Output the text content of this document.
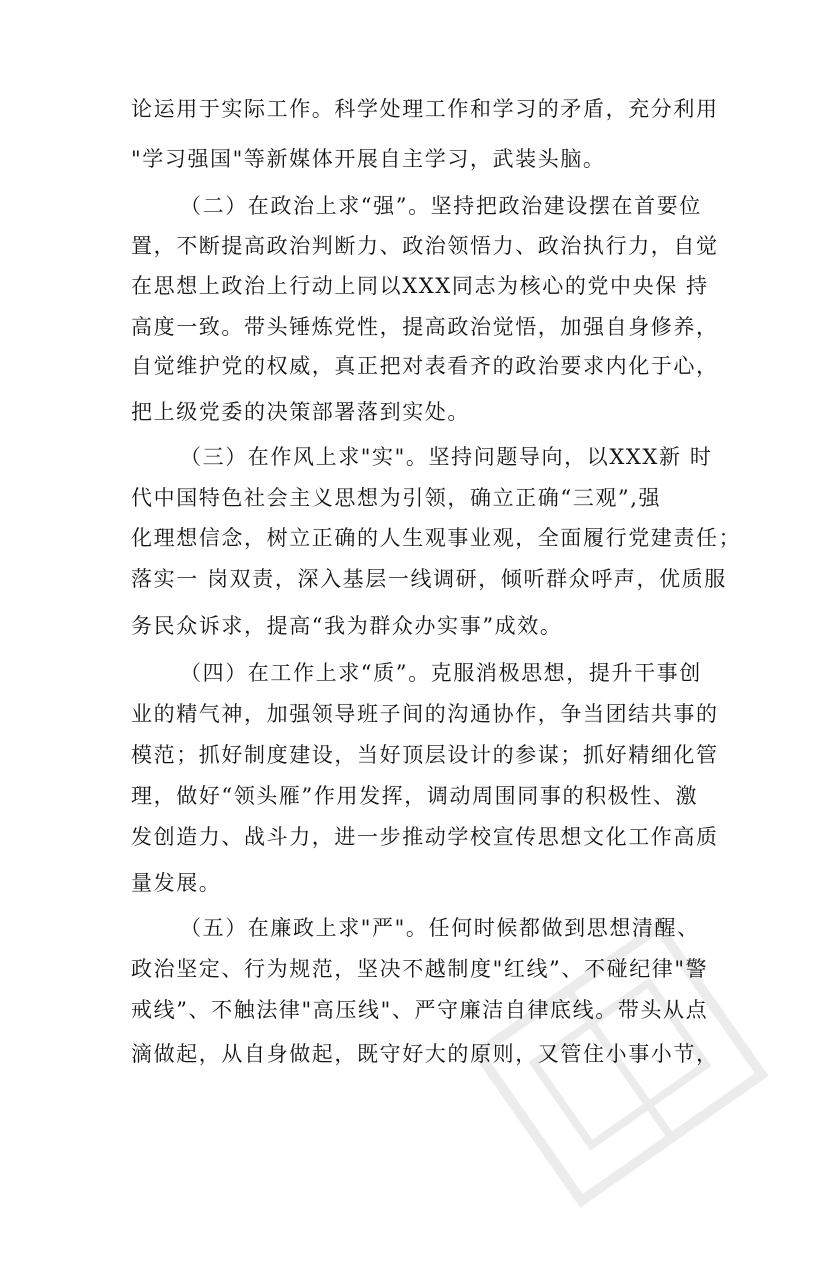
论运用于实际工作。科学处理工作和学习的矛盾，充分利用
"学习强国"等新媒体开展自主学习，武装头脑。
（二）在政治上求“强”。坚持把政治建设摆在首要位
置，不断提高政治判断力、政治领悟力、政治执行力，自觉
在思想上政治上行动上同以XXX同志为核心的党中央保 持
高度一致。带头锤炼党性，提高政治觉悟，加强自身修养，
自觉维护党的权威，真正把对表看齐的政治要求内化于心，
把上级党委的决策部署落到实处。
（三）在作风上求"实"。坚持问题导向，以XXX新 时
代中国特色社会主义思想为引领，确立正确“三观”,强
化理想信念，树立正确的人生观事业观，全面履行党建责任；
落实一 岗双责，深入基层一线调研，倾听群众呼声，优质服
务民众诉求，提高“我为群众办实事”成效。
（四）在工作上求“质”。克服消极思想，提升干事创
业的精气神，加强领导班子间的沟通协作，争当团结共事的
模范；抓好制度建设，当好顶层设计的参谋；抓好精细化管
理，做好“领头雁”作用发挥，调动周围同事的积极性、激
发创造力、战斗力，进一步推动学校宣传思想文化工作高质
量发展。
（五）在廉政上求"严"。任何时候都做到思想清醒、
政治坚定、行为规范，坚决不越制度"红线”、不碰纪律"警
戒线”、不触法律"高压线"、严守廉洁自律底线。带头从点
滴做起，从自身做起，既守好大的原则，又管住小事小节，
